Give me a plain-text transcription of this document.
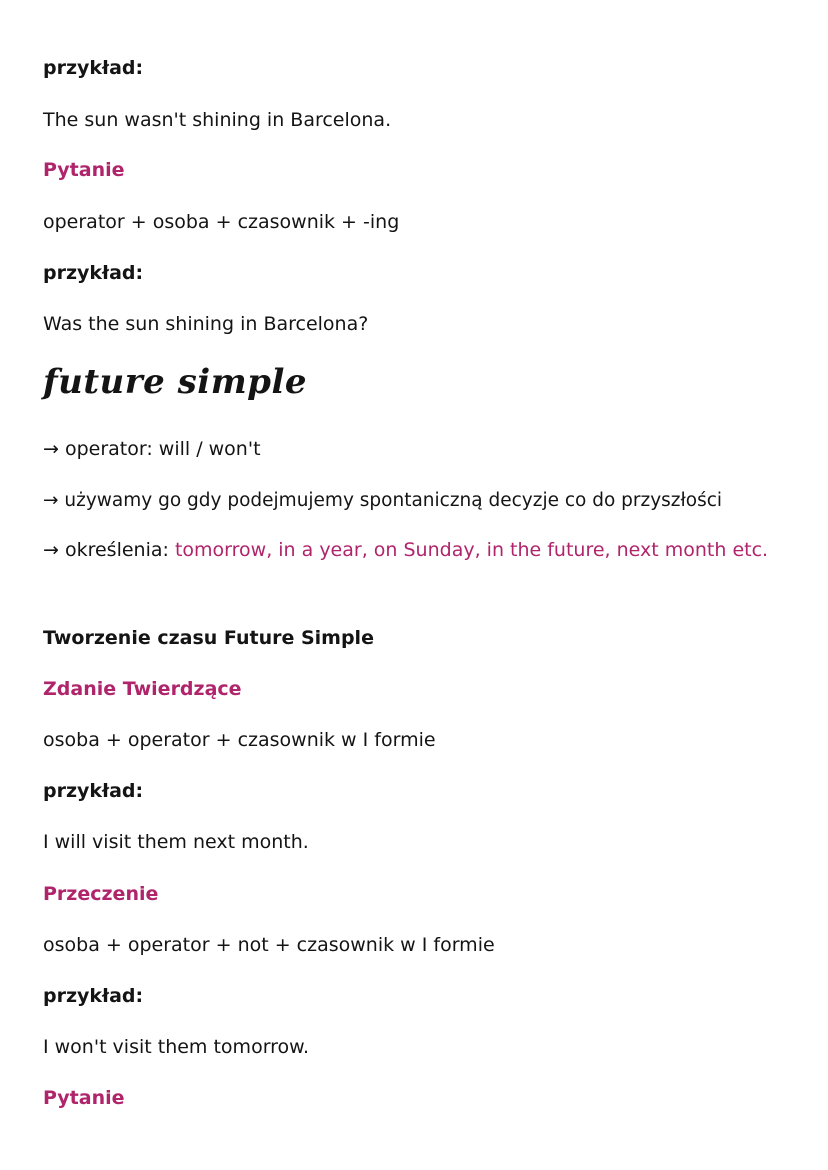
przykład:
The sun wasn't shining in Barcelona.
Pytanie
operator + osoba + czasownik + -ing
przykład:
Was the sun shining in Barcelona?
future simple
→ operator: will / won't
→ używamy go gdy podejmujemy spontaniczną decyzje co do przyszłości
→ określenia: tomorrow, in a year, on Sunday, in the future, next month etc.
Tworzenie czasu Future Simple
Zdanie Twierdzące
osoba + operator + czasownik w I formie
przykład:
I will visit them next month.
Przeczenie
osoba + operator + not + czasownik w I formie
przykład:
I won't visit them tomorrow.
Pytanie
